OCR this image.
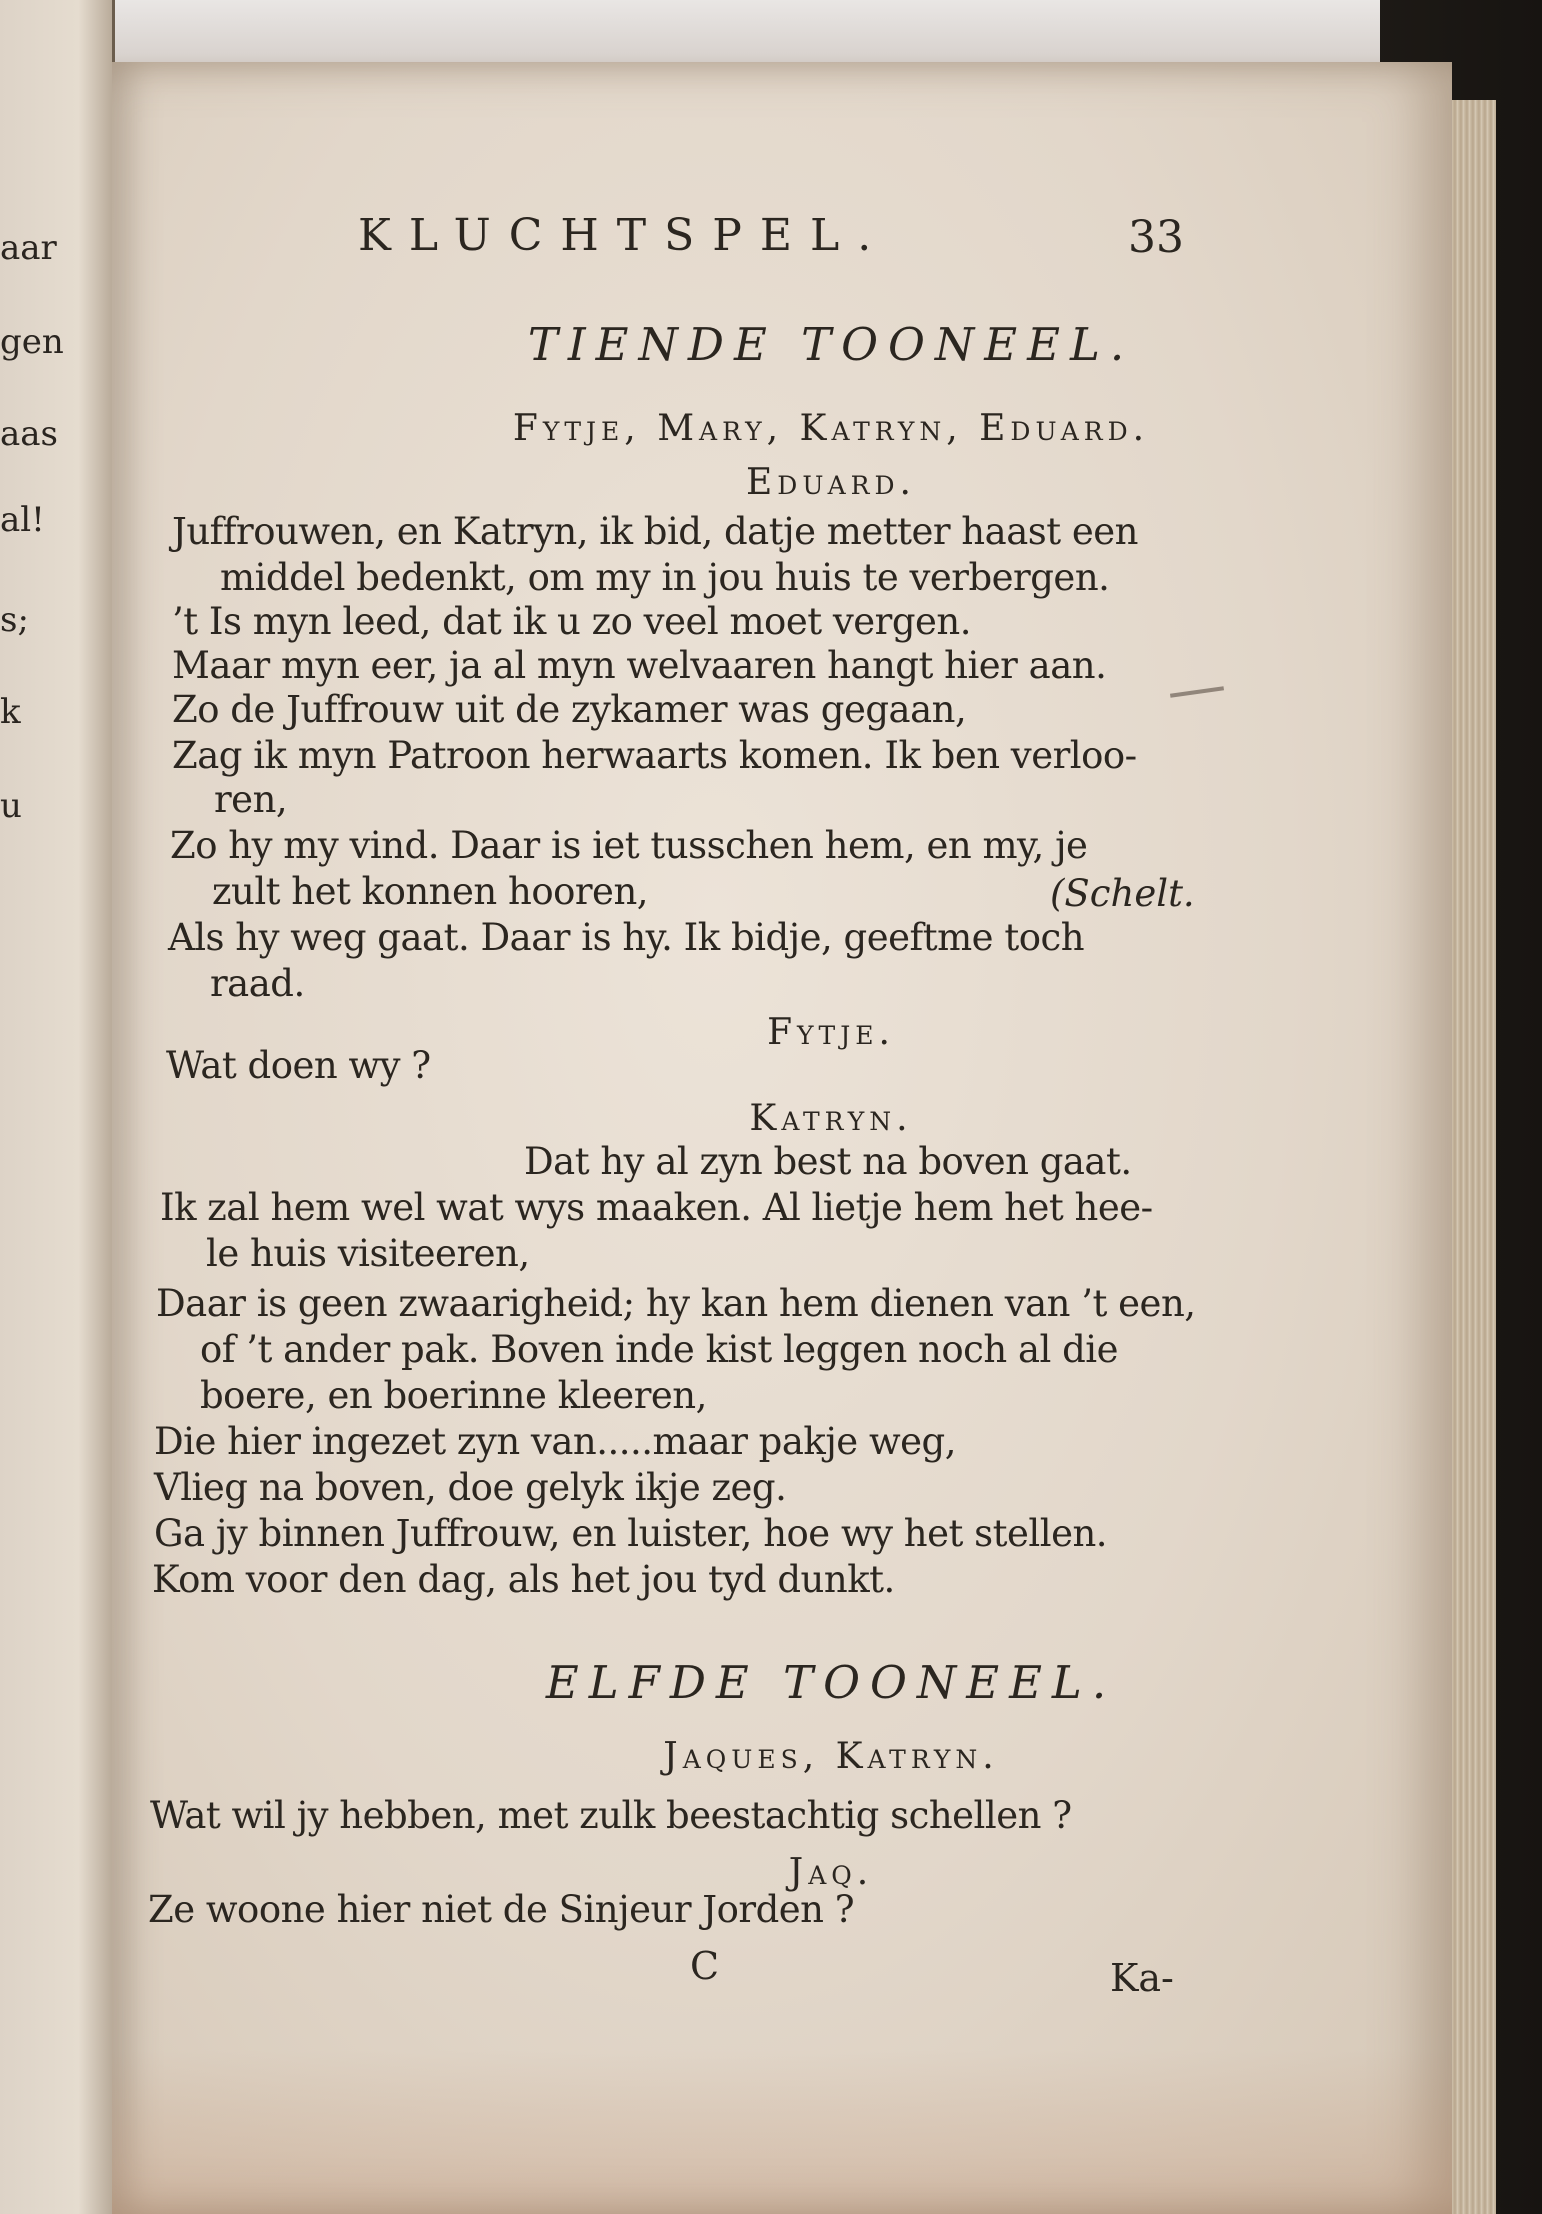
aar
gen
aas
al!
s;
k
u
KLUCHTSPEL.	33
TIENDE TOONEEL.
Fytje, Mary, Katryn, Eduard.
Eduard.
Juffrouwen, en Katryn, ik bid, datje metter haast een
middel bedenkt, om my in jou huis te verbergen.
’t Is myn leed, dat ik u zo veel moet vergen.
Maar myn eer, ja al myn welvaaren hangt hier aan.
Zo de Juffrouw uit de zykamer was gegaan,
Zag ik myn Patroon herwaarts komen. Ik ben verloo-
ren,
Zo hy my vind. Daar is iet tusschen hem, en my, je
zult het konnen hooren,	(Schelt.
Als hy weg gaat. Daar is hy. Ik bidje, geeftme toch
raad.
Fytje.
Wat doen wy ?
Katryn.
Dat hy al zyn best na boven gaat.
Ik zal hem wel wat wys maaken. Al lietje hem het hee-
le huis visiteeren,
Daar is geen zwaarigheid; hy kan hem dienen van ’t een,
of ’t ander pak. Boven inde kist leggen noch al die
boere, en boerinne kleeren,
Die hier ingezet zyn van.....maar pakje weg,
Vlieg na boven, doe gelyk ikje zeg.
Ga jy binnen Juffrouw, en luister, hoe wy het stellen.
Kom voor den dag, als het jou tyd dunkt.
ELFDE TOONEEL.
Jaques, Katryn.
Wat wil jy hebben, met zulk beestachtig schellen ?
Jaq.
Ze woone hier niet de Sinjeur Jorden ?
C	Ka-
